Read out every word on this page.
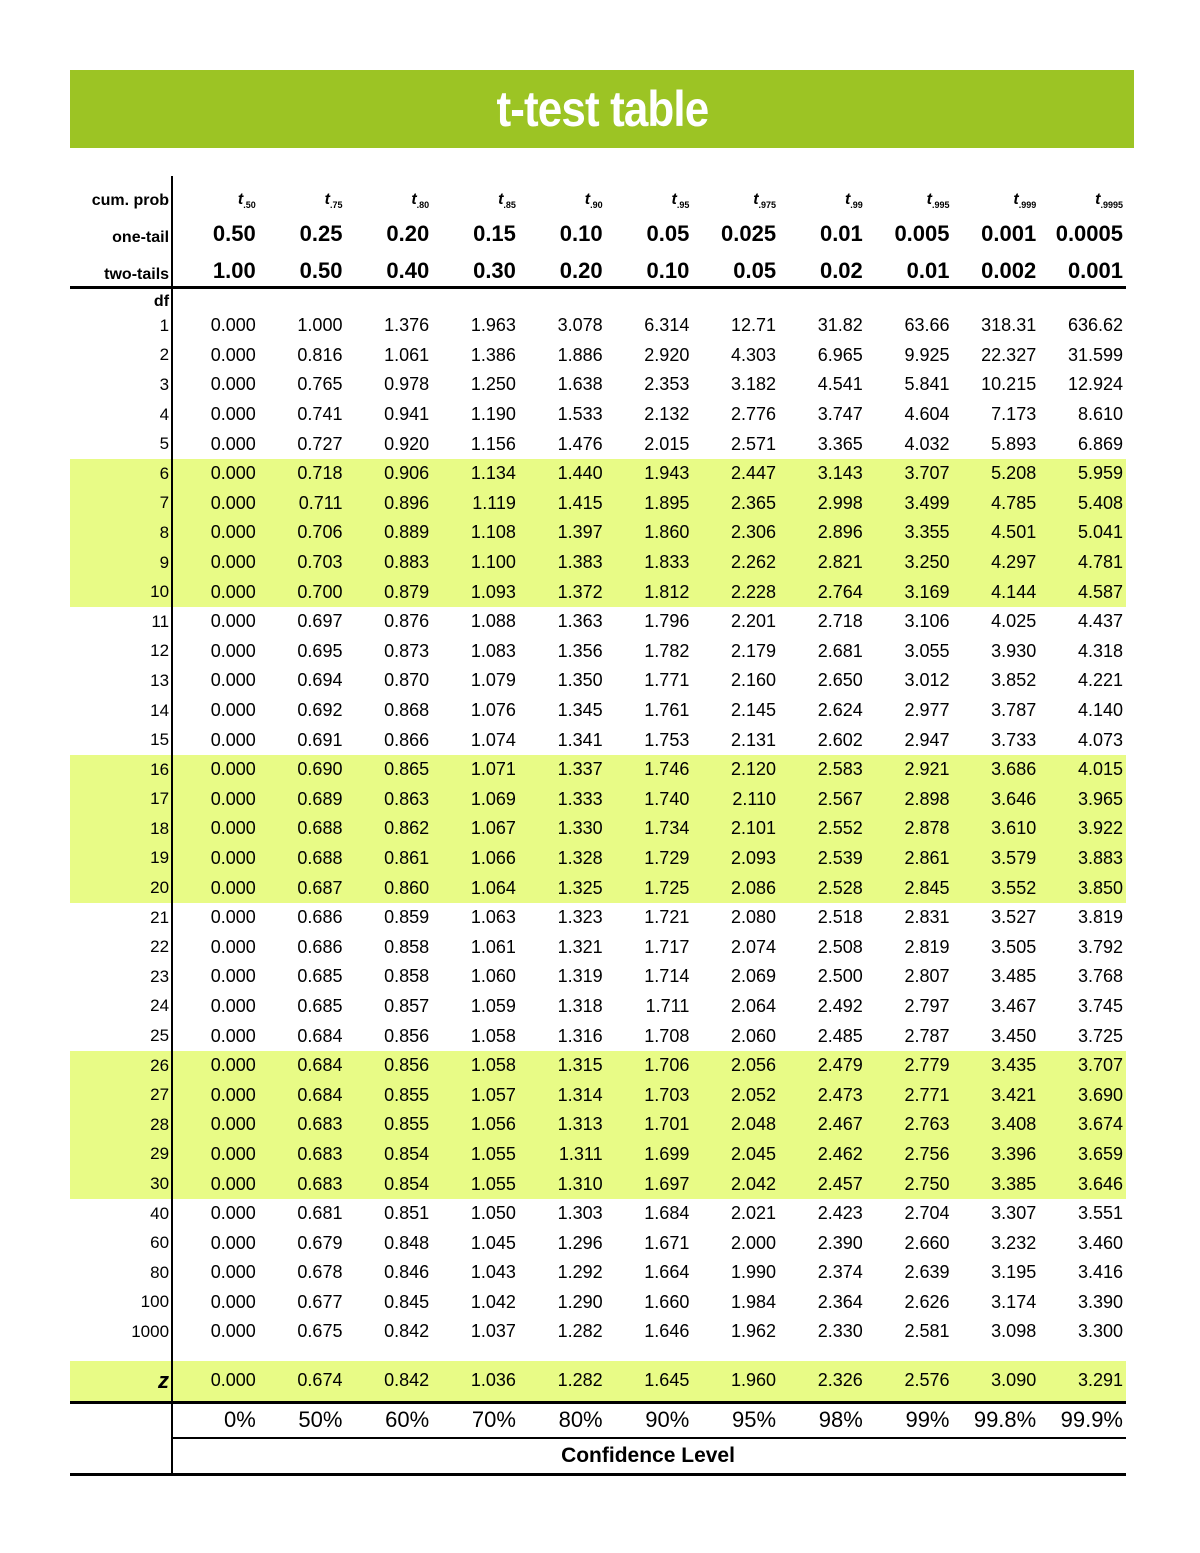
t-test table
cum. prob	$t_{.50}$	$t_{.75}$	$t_{.80}$	$t_{.85}$	$t_{.90}$	$t_{.95}$	$t_{.975}$	$t_{.99}$	$t_{.995}$	$t_{.999}$	$t_{.9995}$
one-tail	0.50	0.25	0.20	0.15	0.10	0.05	0.025	0.01	0.005	0.001	0.0005
two-tails	1.00	0.50	0.40	0.30	0.20	0.10	0.05	0.02	0.01	0.002	0.001
df											
1	0.000	1.000	1.376	1.963	3.078	6.314	12.71	31.82	63.66	318.31	636.62
2	0.000	0.816	1.061	1.386	1.886	2.920	4.303	6.965	9.925	22.327	31.599
3	0.000	0.765	0.978	1.250	1.638	2.353	3.182	4.541	5.841	10.215	12.924
4	0.000	0.741	0.941	1.190	1.533	2.132	2.776	3.747	4.604	7.173	8.610
5	0.000	0.727	0.920	1.156	1.476	2.015	2.571	3.365	4.032	5.893	6.869
6	0.000	0.718	0.906	1.134	1.440	1.943	2.447	3.143	3.707	5.208	5.959
7	0.000	0.711	0.896	1.119	1.415	1.895	2.365	2.998	3.499	4.785	5.408
8	0.000	0.706	0.889	1.108	1.397	1.860	2.306	2.896	3.355	4.501	5.041
9	0.000	0.703	0.883	1.100	1.383	1.833	2.262	2.821	3.250	4.297	4.781
10	0.000	0.700	0.879	1.093	1.372	1.812	2.228	2.764	3.169	4.144	4.587
11	0.000	0.697	0.876	1.088	1.363	1.796	2.201	2.718	3.106	4.025	4.437
12	0.000	0.695	0.873	1.083	1.356	1.782	2.179	2.681	3.055	3.930	4.318
13	0.000	0.694	0.870	1.079	1.350	1.771	2.160	2.650	3.012	3.852	4.221
14	0.000	0.692	0.868	1.076	1.345	1.761	2.145	2.624	2.977	3.787	4.140
15	0.000	0.691	0.866	1.074	1.341	1.753	2.131	2.602	2.947	3.733	4.073
16	0.000	0.690	0.865	1.071	1.337	1.746	2.120	2.583	2.921	3.686	4.015
17	0.000	0.689	0.863	1.069	1.333	1.740	2.110	2.567	2.898	3.646	3.965
18	0.000	0.688	0.862	1.067	1.330	1.734	2.101	2.552	2.878	3.610	3.922
19	0.000	0.688	0.861	1.066	1.328	1.729	2.093	2.539	2.861	3.579	3.883
20	0.000	0.687	0.860	1.064	1.325	1.725	2.086	2.528	2.845	3.552	3.850
21	0.000	0.686	0.859	1.063	1.323	1.721	2.080	2.518	2.831	3.527	3.819
22	0.000	0.686	0.858	1.061	1.321	1.717	2.074	2.508	2.819	3.505	3.792
23	0.000	0.685	0.858	1.060	1.319	1.714	2.069	2.500	2.807	3.485	3.768
24	0.000	0.685	0.857	1.059	1.318	1.711	2.064	2.492	2.797	3.467	3.745
25	0.000	0.684	0.856	1.058	1.316	1.708	2.060	2.485	2.787	3.450	3.725
26	0.000	0.684	0.856	1.058	1.315	1.706	2.056	2.479	2.779	3.435	3.707
27	0.000	0.684	0.855	1.057	1.314	1.703	2.052	2.473	2.771	3.421	3.690
28	0.000	0.683	0.855	1.056	1.313	1.701	2.048	2.467	2.763	3.408	3.674
29	0.000	0.683	0.854	1.055	1.311	1.699	2.045	2.462	2.756	3.396	3.659
30	0.000	0.683	0.854	1.055	1.310	1.697	2.042	2.457	2.750	3.385	3.646
40	0.000	0.681	0.851	1.050	1.303	1.684	2.021	2.423	2.704	3.307	3.551
60	0.000	0.679	0.848	1.045	1.296	1.671	2.000	2.390	2.660	3.232	3.460
80	0.000	0.678	0.846	1.043	1.292	1.664	1.990	2.374	2.639	3.195	3.416
100	0.000	0.677	0.845	1.042	1.290	1.660	1.984	2.364	2.626	3.174	3.390
1000	0.000	0.675	0.842	1.037	1.282	1.646	1.962	2.330	2.581	3.098	3.300

z	0.000	0.674	0.842	1.036	1.282	1.645	1.960	2.326	2.576	3.090	3.291
	0%	50%	60%	70%	80%	90%	95%	98%	99%	99.8%	99.9%
	Confidence Level										
